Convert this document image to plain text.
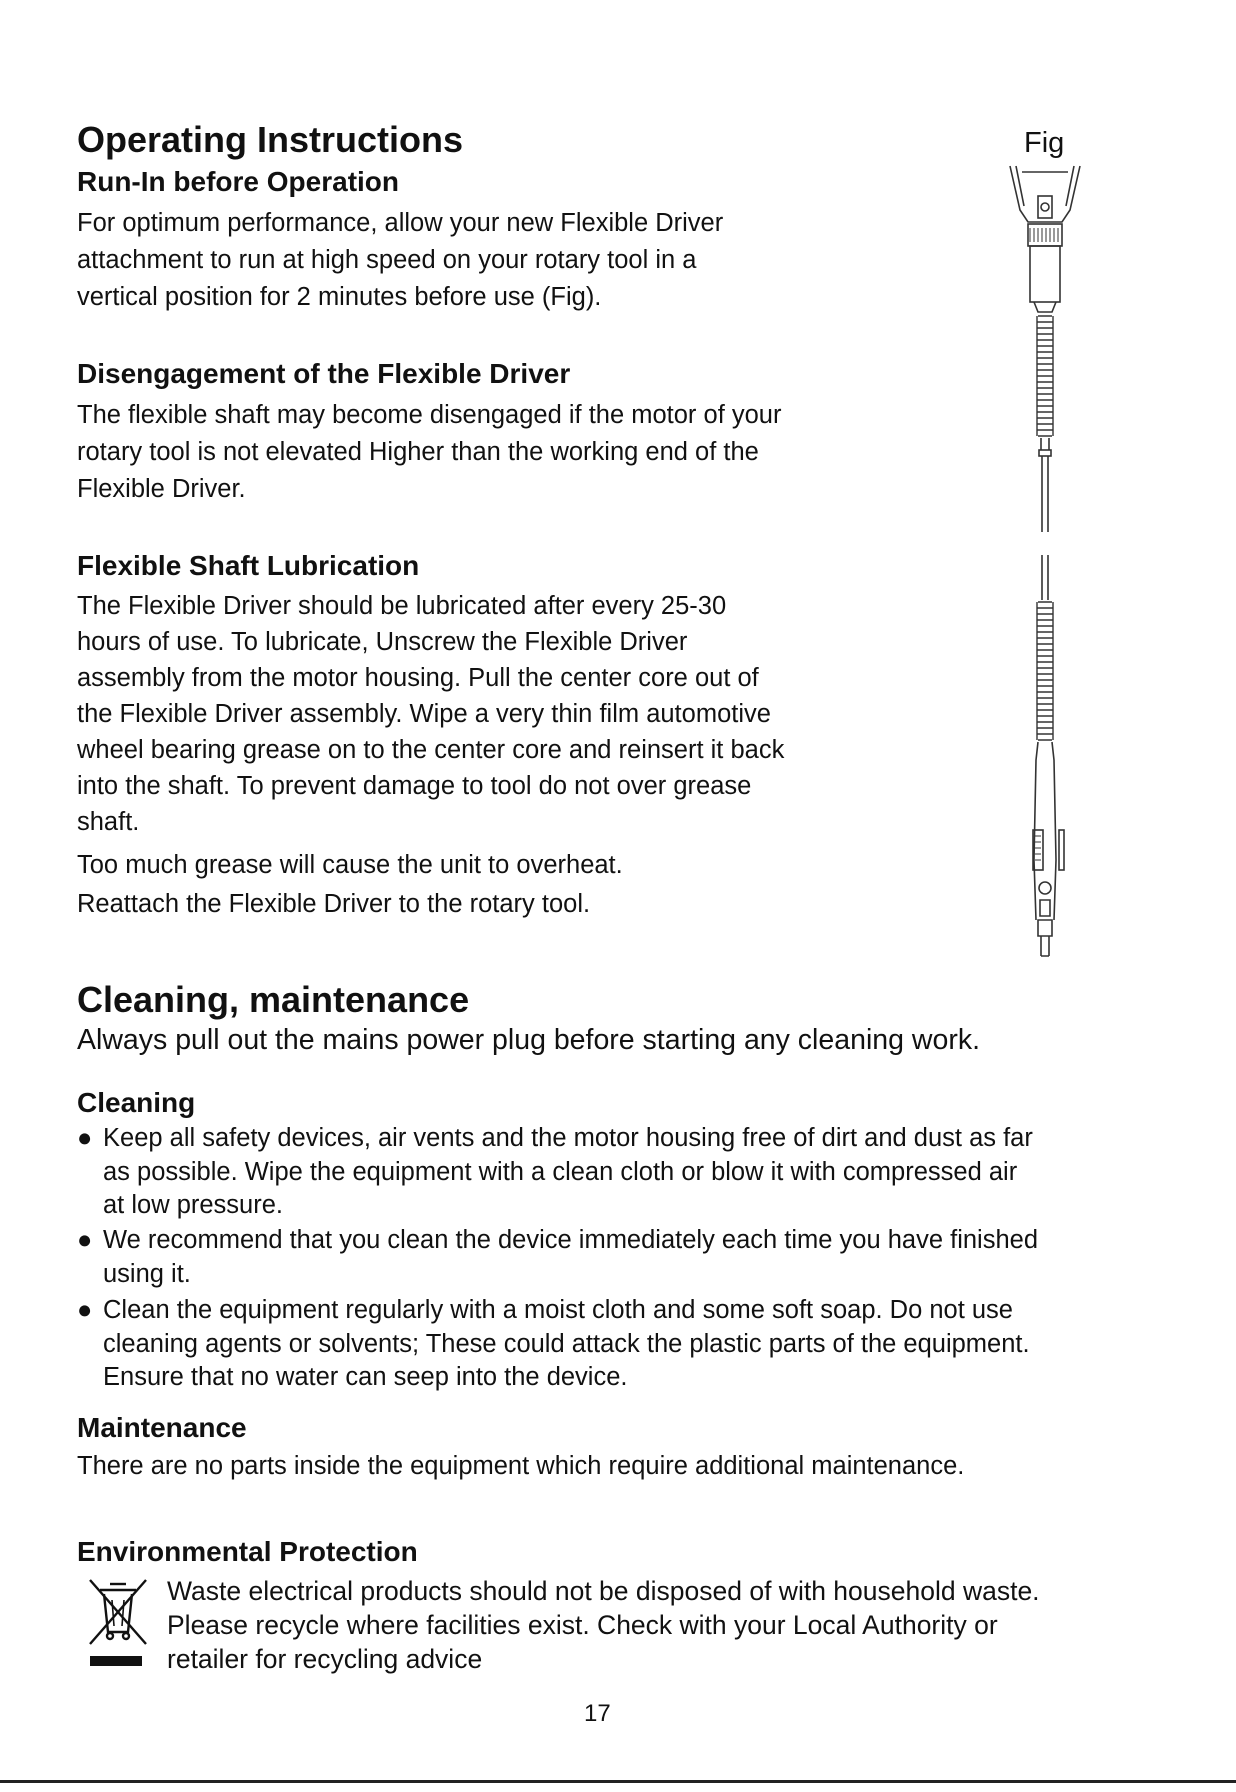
Operating Instructions
Run-In before Operation
For optimum performance, allow your new Flexible Driver
attachment to run at high speed on your rotary tool in a
vertical position for 2 minutes before use (Fig).
Disengagement of the Flexible Driver
The flexible shaft may become disengaged if the motor of your
rotary tool is not elevated Higher than the working end of the
Flexible Driver.
Flexible Shaft Lubrication
The Flexible Driver should be lubricated after every 25-30
hours of use. To lubricate, Unscrew the Flexible Driver
assembly from the motor housing. Pull the center core out of
the Flexible Driver assembly. Wipe a very thin film automotive
wheel bearing grease on to the center core and reinsert it back
into the shaft. To prevent damage to tool do not over grease
shaft.
Too much grease will cause the unit to overheat.
Reattach the Flexible Driver to the rotary tool.
Fig
Cleaning, maintenance
Always pull out the mains power plug before starting any cleaning work.
Cleaning
● Keep all safety devices, air vents and the motor housing free of dirt and dust as far
as possible. Wipe the equipment with a clean cloth or blow it with compressed air
at low pressure.
● We recommend that you clean the device immediately each time you have finished
using it.
● Clean the equipment regularly with a moist cloth and some soft soap. Do not use
cleaning agents or solvents; These could attack the plastic parts of the equipment.
Ensure that no water can seep into the device.
Maintenance
There are no parts inside the equipment which require additional maintenance.
Environmental Protection
Waste electrical products should not be disposed of with household waste.
Please recycle where facilities exist. Check with your Local Authority or
retailer for recycling advice
17
